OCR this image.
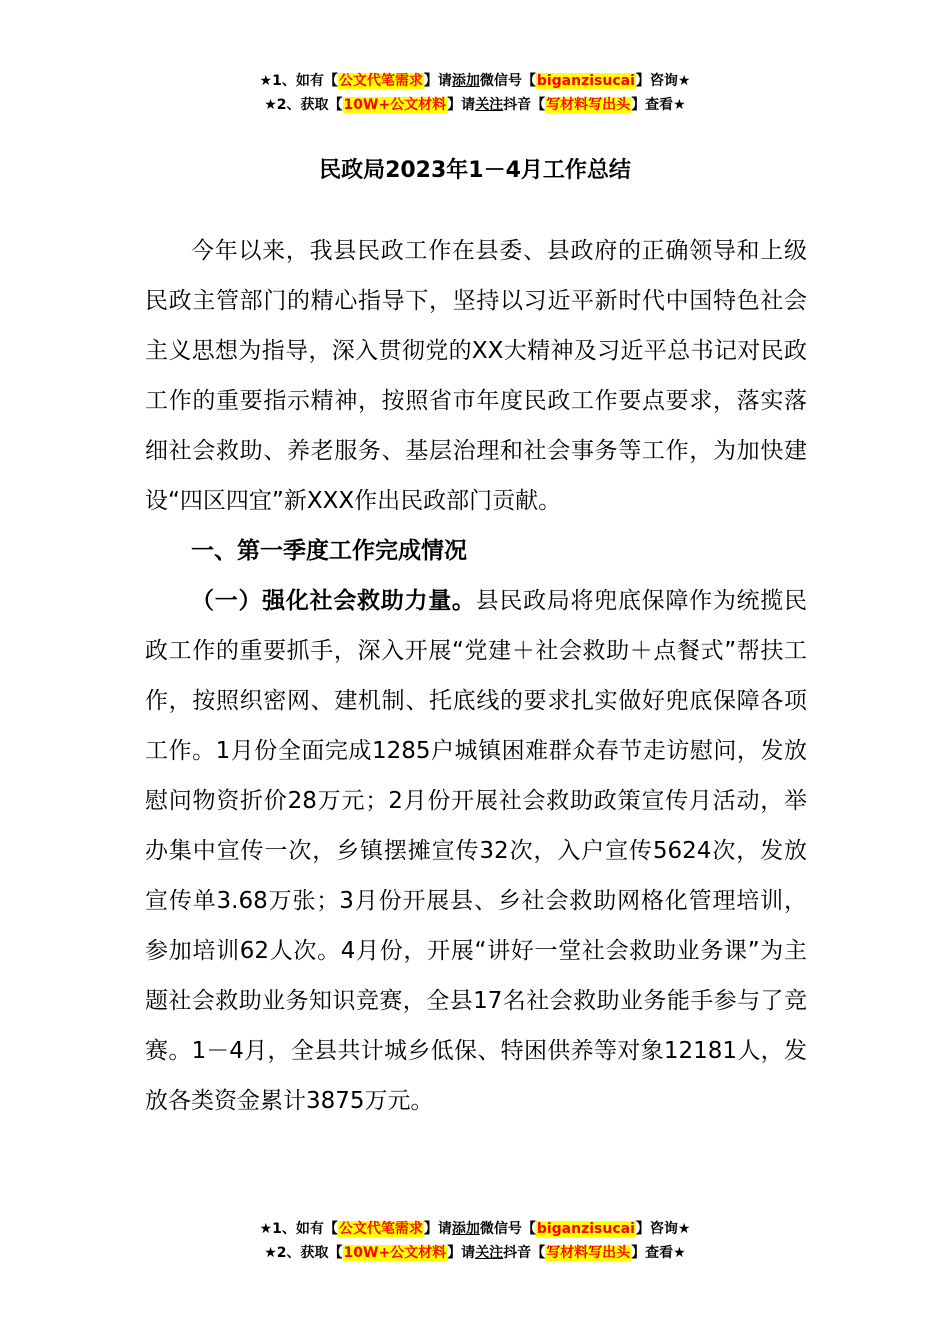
★1、如有【公文代笔需求】请添加微信号【biganzisucai】咨询★
★2、获取【10W+公文材料】请关注抖音【写材料写出头】查看★
民政局2023年1－4月工作总结

今年以来，我县民政工作在县委、县政府的正确领导和上级民政主管部门的精心指导下，坚持以习近平新时代中国特色社会主义思想为指导，深入贯彻党的XX大精神及习近平总书记对民政工作的重要指示精神，按照省市年度民政工作要点要求，落实落细社会救助、养老服务、基层治理和社会事务等工作，为加快建设“四区四宜”新XXX作出民政部门贡献。

一、第一季度工作完成情况

（一）强化社会救助力量。县民政局将兜底保障作为统揽民政工作的重要抓手，深入开展“党建＋社会救助＋点餐式”帮扶工作，按照织密网、建机制、托底线的要求扎实做好兜底保障各项工作。1月份全面完成1285户城镇困难群众春节走访慰问，发放慰问物资折价28万元；2月份开展社会救助政策宣传月活动，举办集中宣传一次，乡镇摆摊宣传32次，入户宣传5624次，发放宣传单3.68万张；3月份开展县、乡社会救助网格化管理培训，参加培训62人次。4月份，开展“讲好一堂社会救助业务课”为主题社会救助业务知识竞赛，全县17名社会救助业务能手参与了竞赛。1－4月，全县共计城乡低保、特困供养等对象12181人，发放各类资金累计3875万元。

★1、如有【公文代笔需求】请添加微信号【biganzisucai】咨询★
★2、获取【10W+公文材料】请关注抖音【写材料写出头】查看★
